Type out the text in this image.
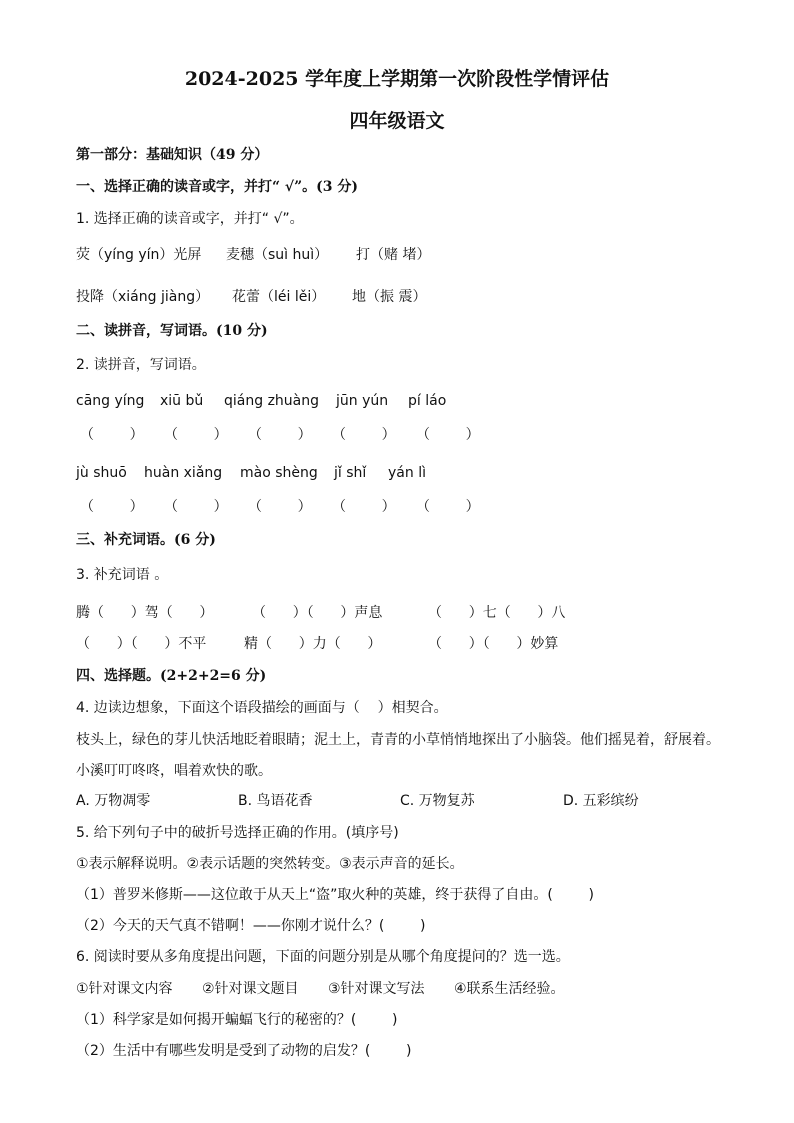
2024-2025 学年度上学期第一次阶段性学情评估
四年级语文
第一部分：基础知识（49 分）
一、选择正确的读音或字，并打“ √”。(3 分)
1. 选择正确的读音或字，并打“ √”。
荧（yíng yín）光屏 麦穗（suì huì） 打（赌 堵）
投降（xiáng jiàng） 花蕾（léi lěi） 地（振 震）
二、读拼音，写词语。(10 分)
2. 读拼音，写词语。
cāng yíng xiū bǔ qiáng zhuàng jūn yún pí láo
（        ） （        ） （        ） （        ） （        ）
jù shuō huàn xiǎng mào shèng jǐ shǐ yán lì
（        ） （        ） （        ） （        ） （        ）
三、补充词语。(6 分)
3. 补充词语 。
腾（      ）驾（      ）	（      ）（      ）声息	（      ）七（      ）八
（      ）（      ）不平	精（      ）力（      ）	（      ）（      ）妙算
四、选择题。(2+2+2=6 分)
4. 边读边想象，下面这个语段描绘的画面与（    ）相契合。
枝头上，绿色的芽儿快活地眨着眼睛；泥土上，青青的小草悄悄地探出了小脑袋。他们摇晃着，舒展着。
小溪叮叮咚咚，唱着欢快的歌。
A. 万物凋零	B. 鸟语花香	C. 万物复苏	D. 五彩缤纷
5. 给下列句子中的破折号选择正确的作用。(填序号)
①表示解释说明。②表示话题的突然转变。③表示声音的延长。
（1）普罗米修斯——这位敢于从天上“盗”取火种的英雄，终于获得了自由。(        )
（2）今天的天气真不错啊！——你刚才说什么？(        )
6. 阅读时要从多角度提出问题，下面的问题分别是从哪个角度提问的？选一选。
①针对课文内容 ②针对课文题目 ③针对课文写法 ④联系生活经验。
（1）科学家是如何揭开蝙蝠飞行的秘密的？(        )
（2）生活中有哪些发明是受到了动物的启发？(        )
